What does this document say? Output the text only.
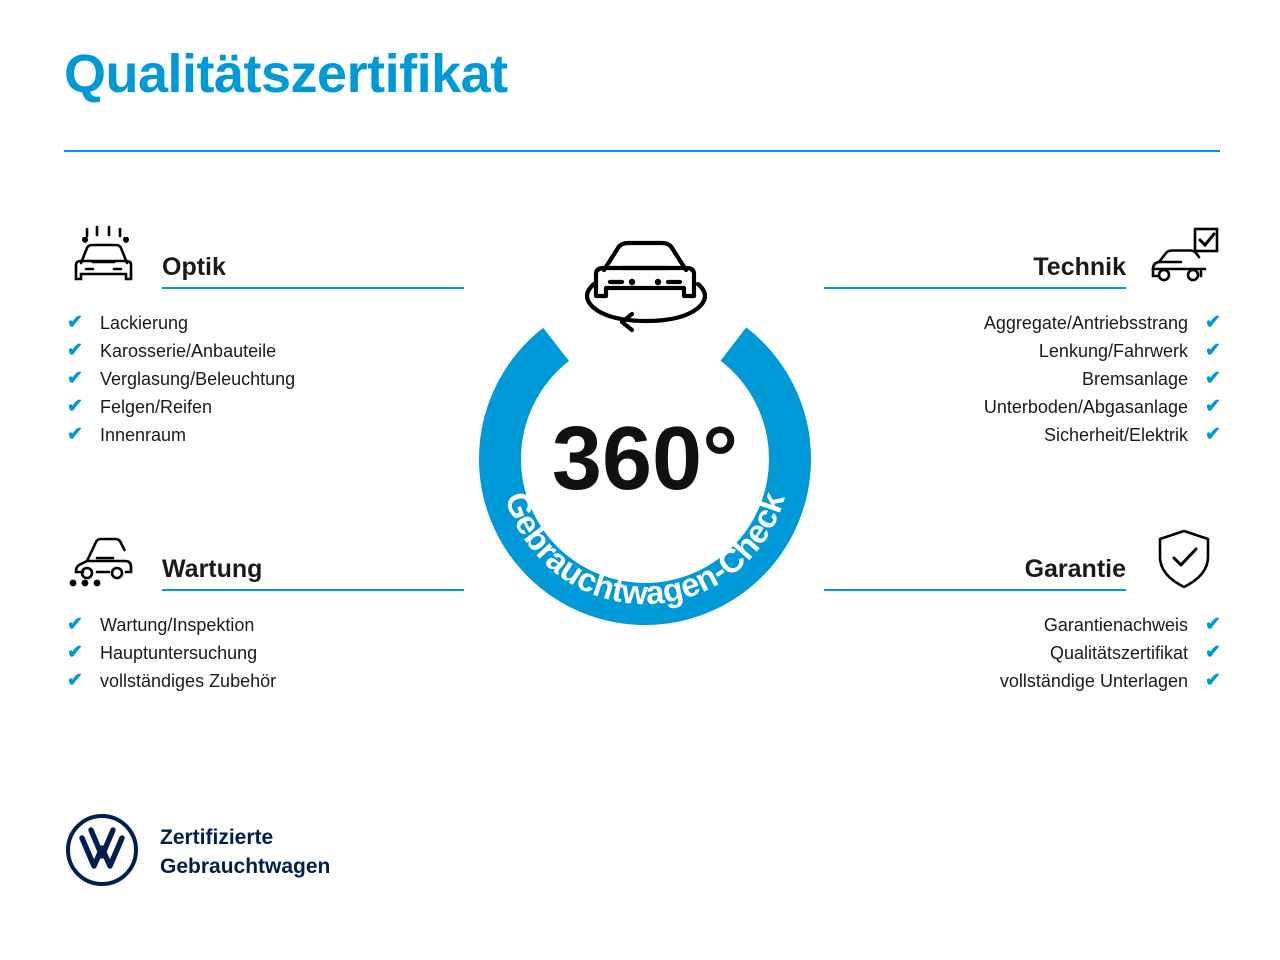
Qualitätszertifikat
Optik
✔ Lackierung
✔ Karosserie/Anbauteile
✔ Verglasung/Beleuchtung
✔ Felgen/Reifen
✔ Innenraum
Technik
✔
Aggregate/Antriebsstrang
✔
Lenkung/Fahrwerk
✔
Bremsanlage
✔
Unterboden/Abgasanlage
✔
Sicherheit/Elektrik
Wartung
✔ Wartung/Inspektion
✔ Hauptuntersuchung
✔ vollständiges Zubehör
Garantie
✔
Garantienachweis
✔
Qualitätszertifikat
✔
vollständige Unterlagen
Gebrauchtwagen-Check
360°
Zertifizierte
Gebrauchtwagen
